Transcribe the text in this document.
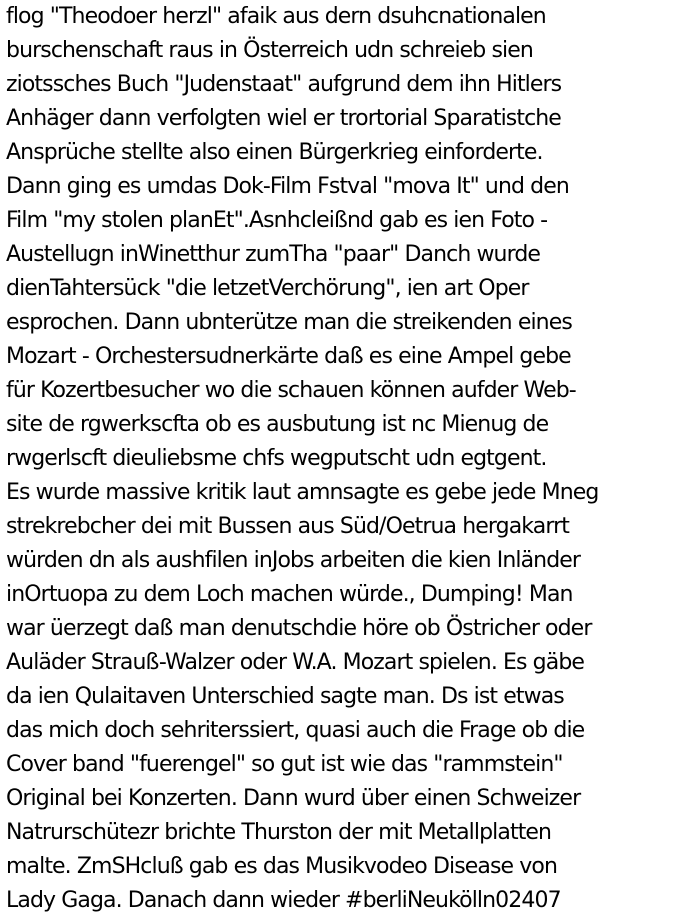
flog "Theodoer herzl" afaik aus dern dsuhcnationalen
burschenschaft raus in Österreich udn schreieb sien
ziotssches Buch "Judenstaat" aufgrund dem ihn Hitlers
Anhäger dann verfolgten wiel er trortorial Sparatistche
Ansprüche stellte also einen Bürgerkrieg einforderte.
Dann ging es umdas Dok-Film Fstval "mova It" und den
Film "my stolen planEt".Asnhcleißnd gab es ien Foto -
Austellugn inWinetthur zumTha "paar" Danch wurde
dienTahtersück "die letzetVerchörung", ien art Oper
esprochen. Dann ubnterütze man die streikenden eines
Mozart - Orchestersudnerkärte daß es eine Ampel gebe
für Kozertbesucher wo die schauen können aufder Web-
site de rgwerkscfta ob es ausbutung ist nc Mienug de
rwgerlscft dieuliebsme chfs wegputscht udn egtgent.
Es wurde massive kritik laut amnsagte es gebe jede Mneg
strekrebcher dei mit Bussen aus Süd/Oetrua hergakarrt
würden dn als aushfilen inJobs arbeiten die kien Inländer
inOrtuopa zu dem Loch machen würde., Dumping! Man
war üerzegt daß man denutschdie höre ob Östricher oder
Auläder Strauß-Walzer oder W.A. Mozart spielen. Es gäbe
da ien Qulaitaven Unterschied sagte man. Ds ist etwas
das mich doch sehriterssiert, quasi auch die Frage ob die
Cover band "fuerengel" so gut ist wie das "rammstein"
Original bei Konzerten. Dann wurd über einen Schweizer
Natrurschütezr brichte Thurston der mit Metallplatten
malte. ZmSHcluß gab es das Musikvodeo Disease von
Lady Gaga. Danach dann wieder #berliNeukölln02407
